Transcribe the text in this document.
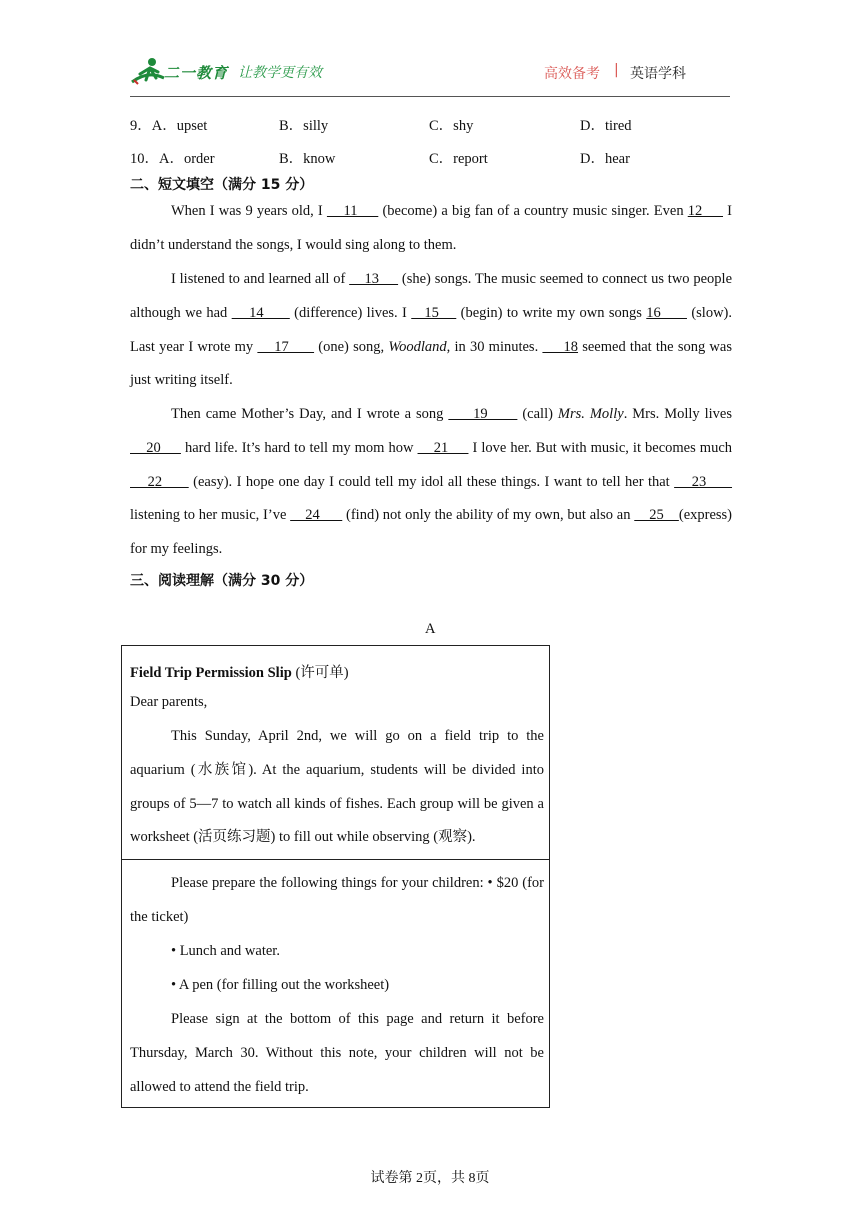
二一教育 让教学更有效	高效备考 | 英语学科
9．A．upset	B．silly	C．shy	D．tired
10．A．order	B．know	C．report	D．hear
二、短文填空（满分 15 分）
When I was 9 years old, I     11      (become) a big fan of a country music singer. Even 12      I didn’t understand the songs, I would sing along to them.
I listened to and learned all of     13      (she) songs. The music seemed to connect us two people although we had     14       (difference) lives. I    15     (begin) to write my own songs 16       (slow). Last year I wrote my     17       (one) song, Woodland, in 30 minutes.      18 seemed that the song was just writing itself.
Then came Mother’s Day, and I wrote a song      19       (call) Mrs. Molly. Mrs. Molly lives     20      hard life. It’s hard to tell my mom how     21      I love her. But with music, it becomes much     22       (easy). I hope one day I could tell my idol all these things. I want to tell her that     23       listening to her music, I’ve     24       (find) not only the ability of my own, but also an     25    (express) for my feelings.
三、阅读理解（满分 30 分）
A
Field Trip Permission Slip (许可单)
Dear parents,
This Sunday, April 2nd, we will go on a field trip to the aquarium (水族馆). At the aquarium, students will be divided into groups of 5—7 to watch all kinds of fishes. Each group will be given a worksheet (活页练习题) to fill out while observing (观察).
Please prepare the following things for your children: • $20 (for the ticket)
• Lunch and water.
• A pen (for filling out the worksheet)
Please sign at the bottom of this page and return it before Thursday, March 30. Without this note, your children will not be allowed to attend the field trip.
试卷第 2页，共 8页
